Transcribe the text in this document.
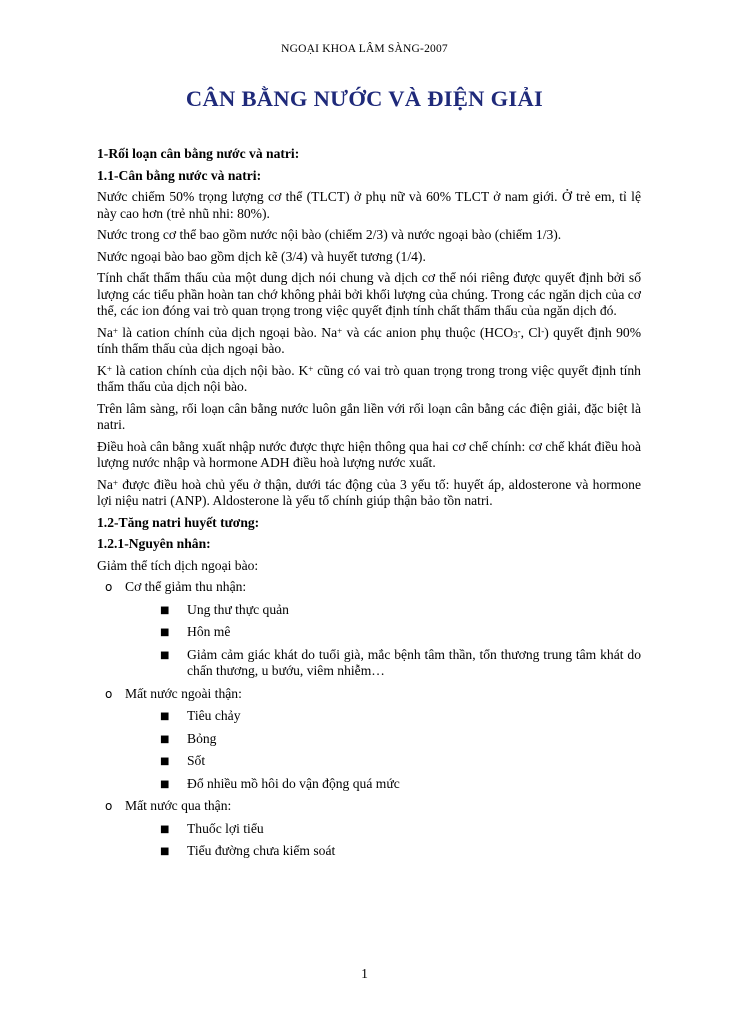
NGOẠI KHOA LÂM SÀNG-2007
CÂN BẰNG NƯỚC VÀ ĐIỆN GIẢI
1-Rối loạn cân bằng nước và natri:
1.1-Cân bằng nước và natri:
Nước chiếm 50% trọng lượng cơ thể (TLCT) ở phụ nữ và 60% TLCT ở nam giới. Ở trẻ em, tỉ lệ này cao hơn (trẻ nhũ nhi: 80%).
Nước trong cơ thể bao gồm nước nội bào (chiếm 2/3) và nước ngoại bào (chiếm 1/3).
Nước ngoại bào bao gồm dịch kẽ (3/4) và huyết tương (1/4).
Tính chất thẩm thấu của một dung dịch nói chung và dịch cơ thể nói riêng được quyết định bởi số lượng các tiểu phần hoàn tan chớ không phải bởi khối lượng của chúng. Trong các ngăn dịch của cơ thể, các ion đóng vai trò quan trọng trong việc quyết định tính chất thẩm thấu của ngăn dịch đó.
Na+ là cation chính của dịch ngoại bào. Na+ và các anion phụ thuộc (HCO3-, Cl-) quyết định 90% tính thẩm thấu của dịch ngoại bào.
K+ là cation chính của dịch nội bào. K+ cũng có vai trò quan trọng trong trong việc quyết định tính thẩm thấu của dịch nội bào.
Trên lâm sàng, rối loạn cân bằng nước luôn gắn liền với rối loạn cân bằng các điện giải, đặc biệt là natri.
Điều hoà cân bằng xuất nhập nước được thực hiện thông qua hai cơ chế chính: cơ chế khát điều hoà lượng nước nhập và hormone ADH điều hoà lượng nước xuất.
Na+ được điều hoà chủ yếu ở thận, dưới tác động của 3 yếu tố: huyết áp, aldosterone và hormone lợi niệu natri (ANP). Aldosterone là yếu tố chính giúp thận bảo tồn natri.
1.2-Tăng natri huyết tương:
1.2.1-Nguyên nhân:
Giảm thể tích dịch ngoại bào:
o Cơ thể giảm thu nhận:
■ Ung thư thực quản
■ Hôn mê
■ Giảm cảm giác khát do tuổi già, mắc bệnh tâm thần, tổn thương trung tâm khát do chấn thương, u bướu, viêm nhiễm…
o Mất nước ngoài thận:
■ Tiêu chảy
■ Bỏng
■ Sốt
■ Đổ nhiều mồ hôi do vận động quá mức
o Mất nước qua thận:
■ Thuốc lợi tiểu
■ Tiểu đường chưa kiểm soát
1
